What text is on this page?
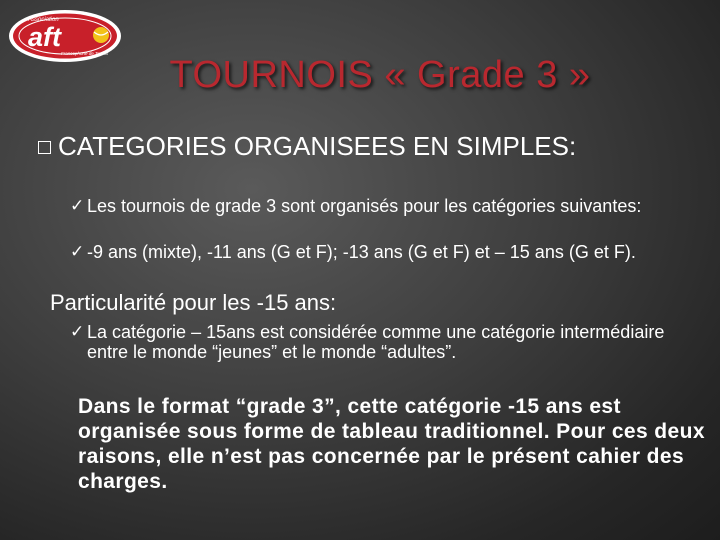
Association
aft
Francophone de Tennis
TOURNOIS « Grade 3 »
CATEGORIES ORGANISEES EN SIMPLES:
✓ Les tournois de grade 3 sont organisés pour les catégories suivantes:
✓ -9 ans (mixte), -11 ans (G et F); -13 ans (G et F) et – 15 ans (G et F).
Particularité pour les -15 ans:
✓ La catégorie – 15ans est considérée comme une catégorie intermédiaire entre le monde “jeunes” et le monde “adultes”.
Dans le format “grade 3”, cette catégorie -15 ans est organisée sous forme de tableau traditionnel. Pour ces deux raisons, elle n’est pas concernée par le présent cahier des charges.
